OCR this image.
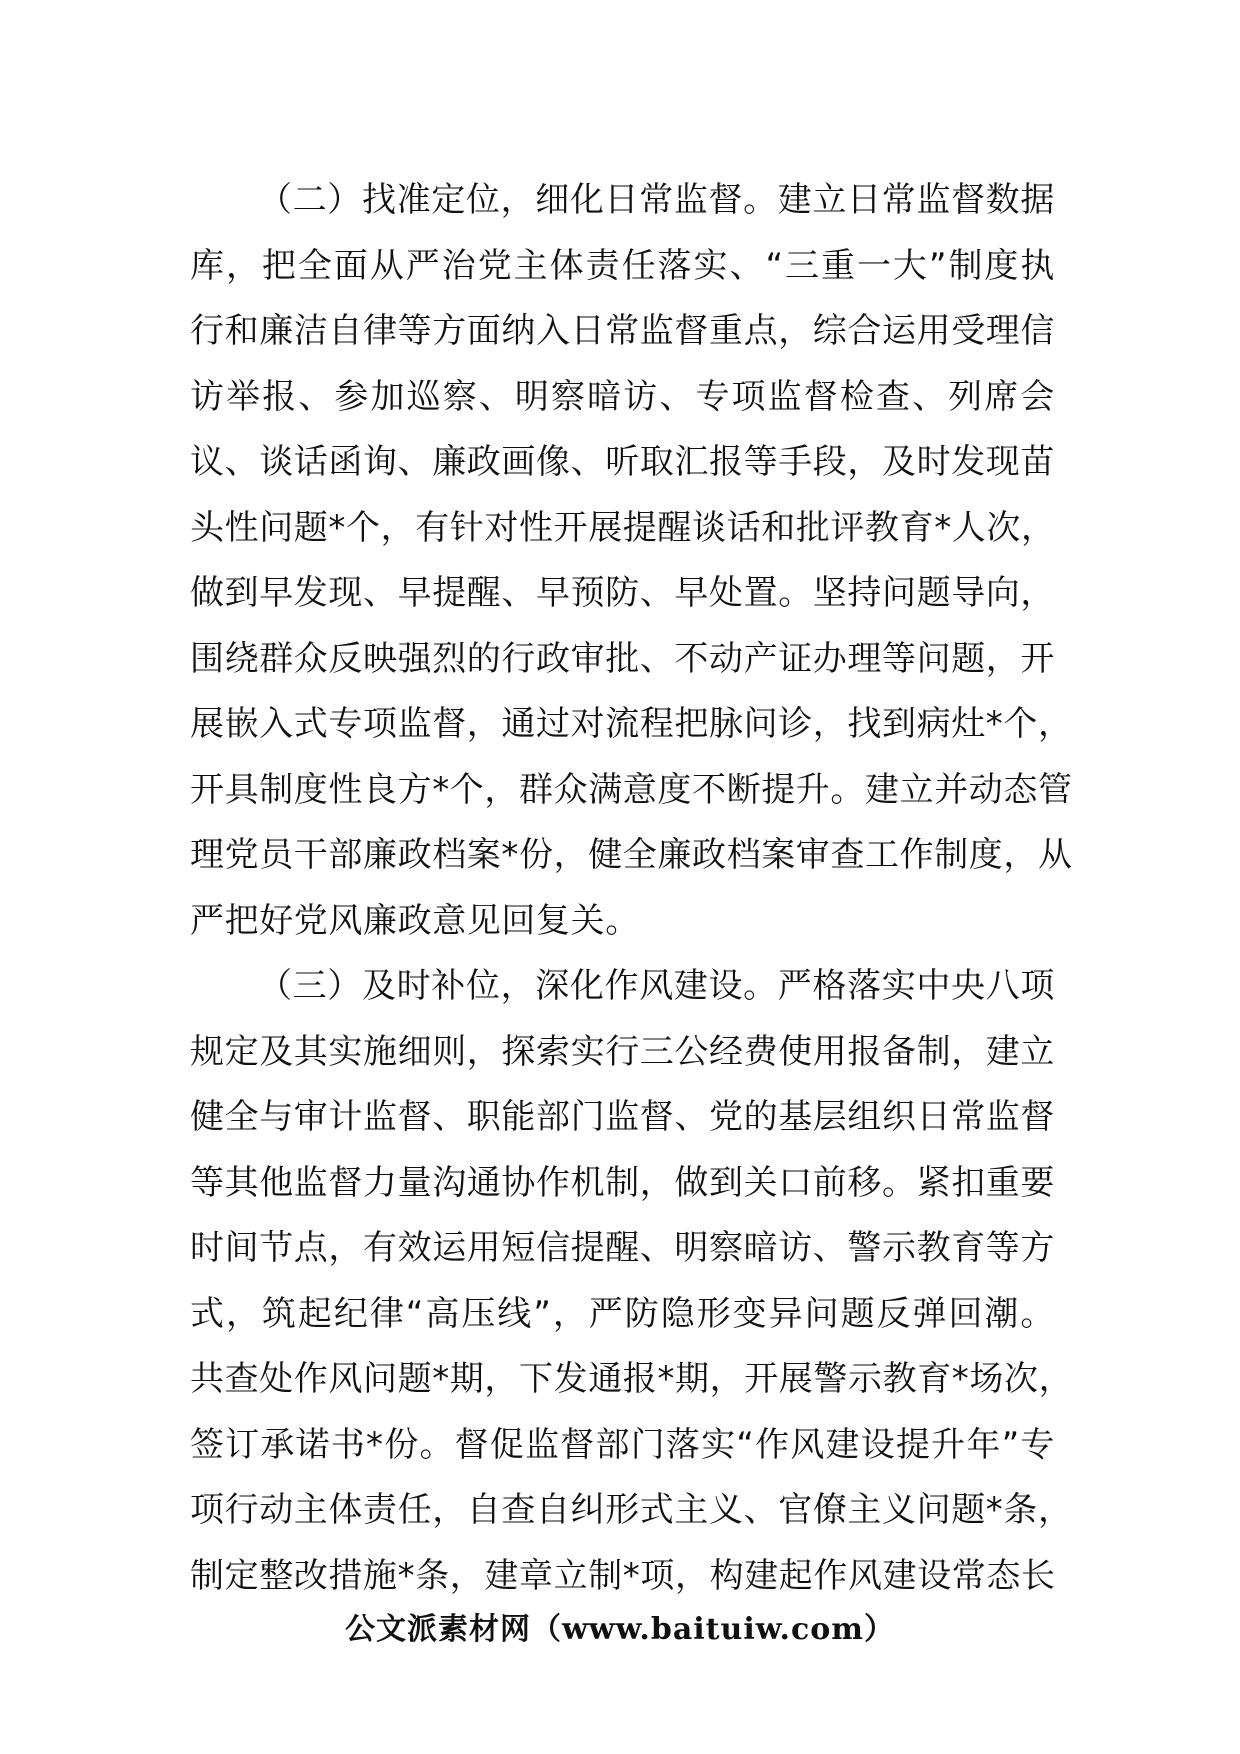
（二）找准定位，细化日常监督。建立日常监督数据
库，把全面从严治党主体责任落实、“三重一大”制度执
行和廉洁自律等方面纳入日常监督重点，综合运用受理信
访举报、参加巡察、明察暗访、专项监督检查、列席会
议、谈话函询、廉政画像、听取汇报等手段，及时发现苗
头性问题*个，有针对性开展提醒谈话和批评教育*人次，
做到早发现、早提醒、早预防、早处置。坚持问题导向，
围绕群众反映强烈的行政审批、不动产证办理等问题，开
展嵌入式专项监督，通过对流程把脉问诊，找到病灶*个，
开具制度性良方*个，群众满意度不断提升。建立并动态管
理党员干部廉政档案*份，健全廉政档案审查工作制度，从
严把好党风廉政意见回复关。
（三）及时补位，深化作风建设。严格落实中央八项
规定及其实施细则，探索实行三公经费使用报备制，建立
健全与审计监督、职能部门监督、党的基层组织日常监督
等其他监督力量沟通协作机制，做到关口前移。紧扣重要
时间节点，有效运用短信提醒、明察暗访、警示教育等方
式，筑起纪律“高压线”，严防隐形变异问题反弹回潮。
共查处作风问题*期，下发通报*期，开展警示教育*场次，
签订承诺书*份。督促监督部门落实“作风建设提升年”专
项行动主体责任，自查自纠形式主义、官僚主义问题*条，
制定整改措施*条，建章立制*项，构建起作风建设常态长
公文派素材网（www.baituiw.com）
